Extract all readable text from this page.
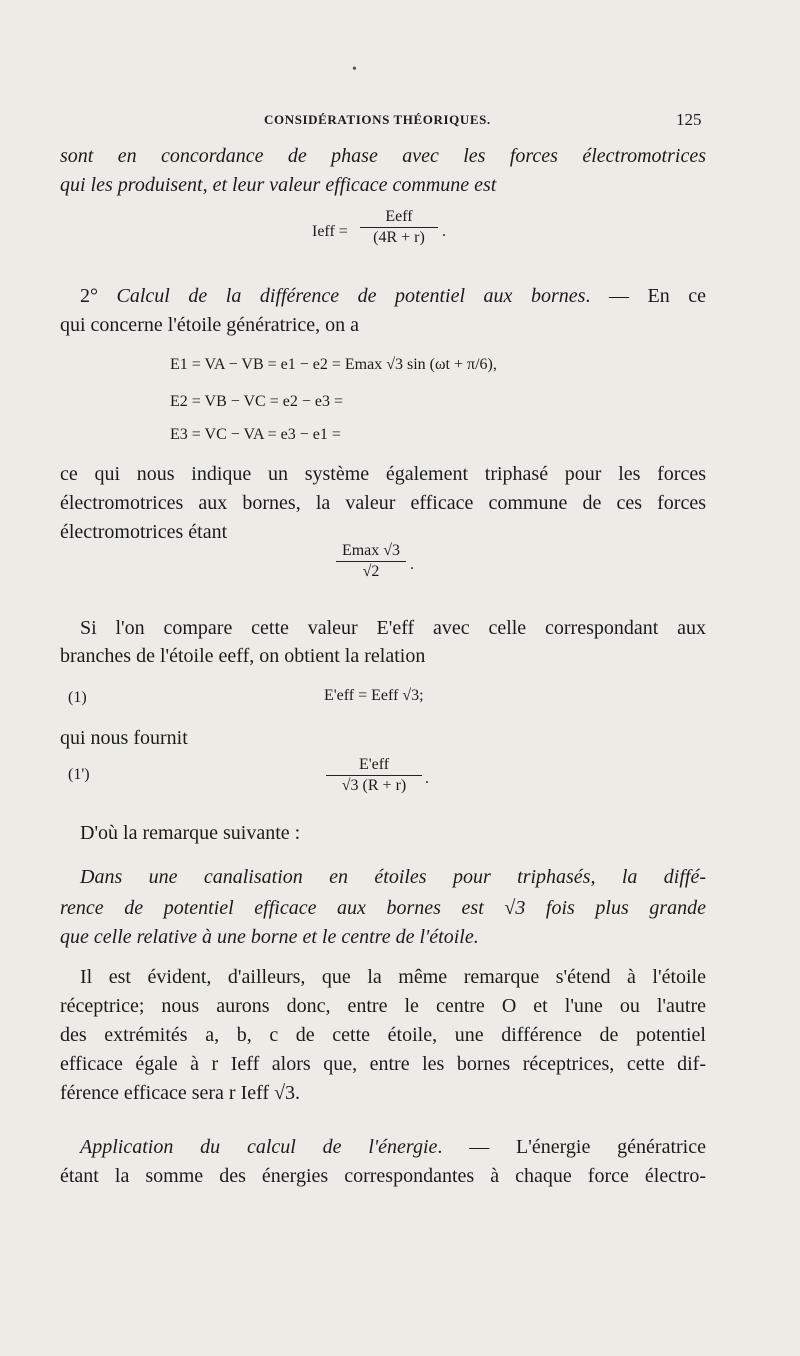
•
CONSIDÉRATIONS THÉORIQUES.	125
sont en concordance de phase avec les forces électromotrices
qui les produisent, et leur valeur efficace commune est
Ieff =
Eeff
(4R + r)	.
2° Calcul de la différence de potentiel aux bornes. — En ce
qui concerne l'étoile génératrice, on a
E1 = VA − VB = e1 − e2 = Emax √3 sin (ωt + π/6),
E2 = VB − VC = e2 − e3 =
E3 = VC − VA = e3 − e1 =
ce qui nous indique un système également triphasé pour les forces
électromotrices aux bornes, la valeur efficace commune de ces forces
électromotrices étant
Emax √3
√2	.
Si l'on compare cette valeur E'eff avec celle correspondant aux
branches de l'étoile eeff, on obtient la relation
(1)	E'eff = Eeff √3;
qui nous fournit
(1')
E'eff
√3 (R + r)	.
D'où la remarque suivante :
Dans une canalisation en étoiles pour triphasés, la diffé-
rence de potentiel efficace aux bornes est √3 fois plus grande
que celle relative à une borne et le centre de l'étoile.
Il est évident, d'ailleurs, que la même remarque s'étend à l'étoile
réceptrice; nous aurons donc, entre le centre O et l'une ou l'autre
des extrémités a, b, c de cette étoile, une différence de potentiel
efficace égale à r Ieff alors que, entre les bornes réceptrices, cette dif-
férence efficace sera r Ieff √3.
Application du calcul de l'énergie. — L'énergie génératrice
étant la somme des énergies correspondantes à chaque force électro-
